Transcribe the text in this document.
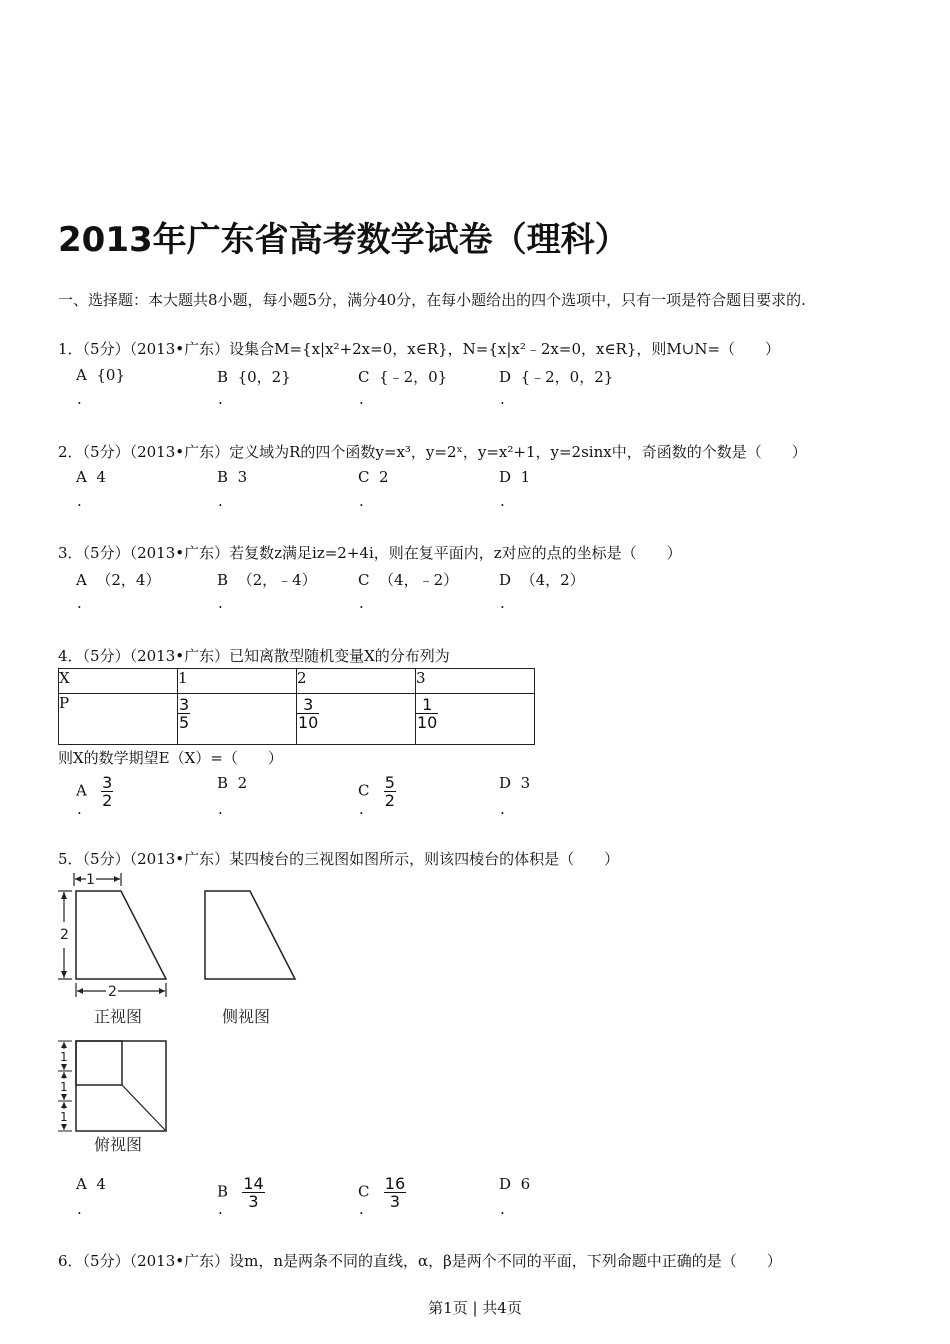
2013年广东省高考数学试卷（理科）
一、选择题：本大题共8小题，每小题5分，满分40分，在每小题给出的四个选项中，只有一项是符合题目要求的.
1．（5分）（2013•广东）设集合M={x|x²+2x=0，x∈R}，N={x|x²﹣2x=0，x∈R}，则M∪N=（　　）
A {0}	B {0，2}	C {﹣2，0}	D {﹣2，0，2}
.	.	.	.
2．（5分）（2013•广东）定义域为R的四个函数y=x³，y=2ˣ，y=x²+1，y=2sinx中，奇函数的个数是（　　）
A 4	B 3	C 2	D 1
.	.	.	.
3．（5分）（2013•广东）若复数z满足iz=2+4i，则在复平面内，z对应的点的坐标是（　　）
A （2，4）	B （2，﹣4）	C （4，﹣2）	D （4，2）
.	.	.	.
4．（5分）（2013•广东）已知离散型随机变量X的分布列为
X	1	2	3
P	$\frac{3}{5}$	$\frac{3}{10}$	$\frac{1}{10}$
则X的数学期望E（X）=（　　）
A $\frac{3}{2}$	B 2	C $\frac{5}{2}$	D 3
.	.	.	.
5．（5分）（2013•广东）某四棱台的三视图如图所示，则该四棱台的体积是（　　）
1
2
2
正视图	侧视图
1
1
1
俯视图
A 4	B $\frac{14}{3}$	C $\frac{16}{3}$	D 6
.	.	.	.
6．（5分）（2013•广东）设m，n是两条不同的直线，α，β是两个不同的平面，下列命题中正确的是（　　）
第1页 | 共4页
